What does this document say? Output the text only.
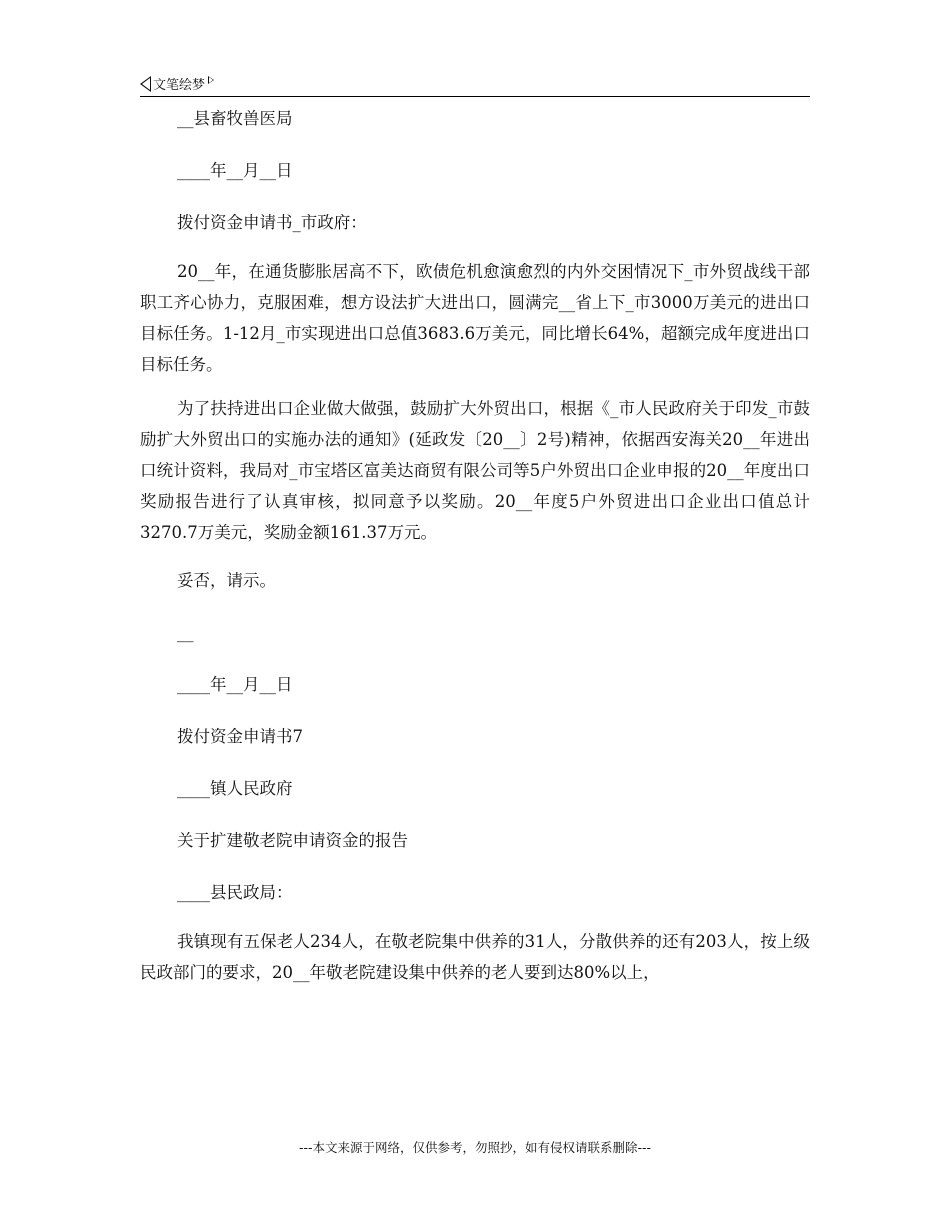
文笔绘梦

__县畜牧兽医局

____年__月__日

拨付资金申请书_市政府：

20__年，在通货膨胀居高不下，欧债危机愈演愈烈的内外交困情况下_市外贸战线干部职工齐心协力，克服困难，想方设法扩大进出口，圆满完__省上下_市3000万美元的进出口目标任务。1-12月_市实现进出口总值3683.6万美元，同比增长64%，超额完成年度进出口目标任务。

为了扶持进出口企业做大做强，鼓励扩大外贸出口，根据《_市人民政府关于印发_市鼓励扩大外贸出口的实施办法的通知》(延政发〔20__〕2号)精神，依据西安海关20__年进出口统计资料，我局对_市宝塔区富美达商贸有限公司等5户外贸出口企业申报的20__年度出口奖励报告进行了认真审核，拟同意予以奖励。20__年度5户外贸进出口企业出口值总计3270.7万美元，奖励金额161.37万元。

妥否，请示。

__

____年__月__日

拨付资金申请书7

____镇人民政府

关于扩建敬老院申请资金的报告

____县民政局：

我镇现有五保老人234人，在敬老院集中供养的31人，分散供养的还有203人，按上级民政部门的要求，20__年敬老院建设集中供养的老人要到达80%以上，

---本文来源于网络，仅供参考，勿照抄，如有侵权请联系删除---
